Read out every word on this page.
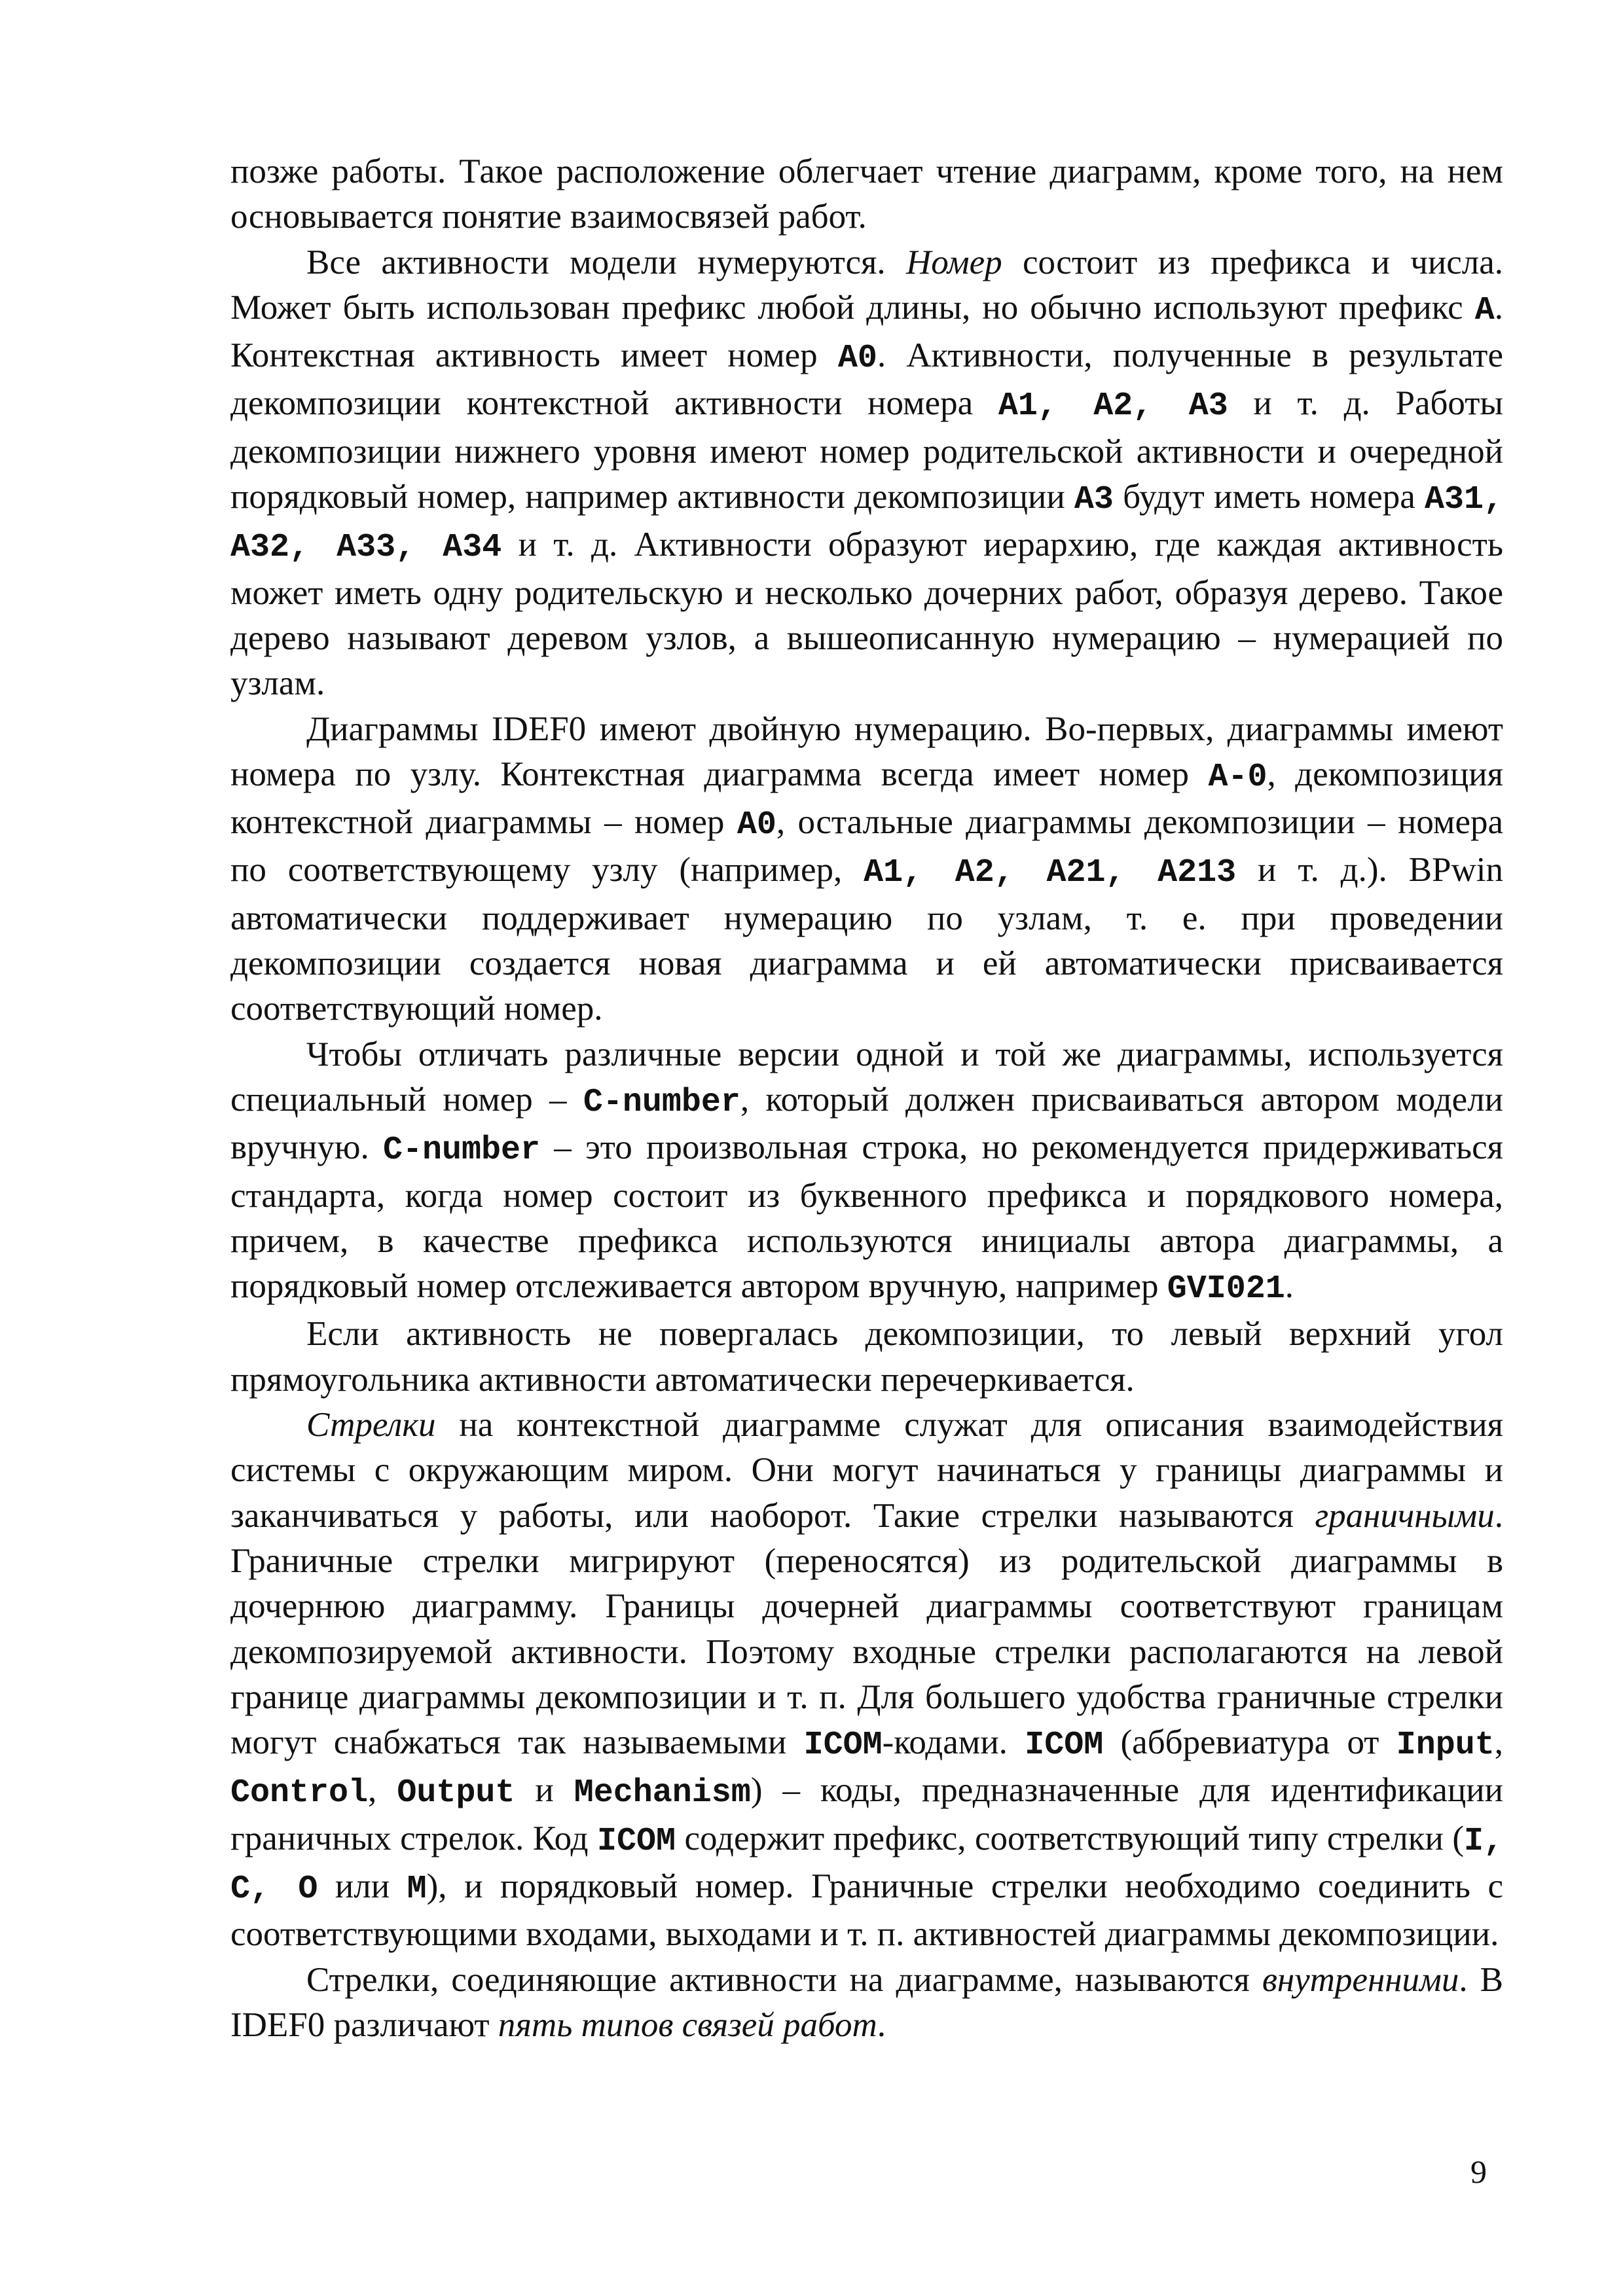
позже работы. Такое расположение облегчает чтение диаграмм, кроме того, на нем основывается понятие взаимосвязей работ.

Все активности модели нумеруются. Номер состоит из префикса и числа. Может быть использован префикс любой длины, но обычно используют префикс A. Контекстная активность имеет номер A0. Активности, полученные в результате декомпозиции контекстной активности номера A1, A2, A3 и т. д. Работы декомпозиции нижнего уровня имеют номер родительской активности и очередной порядковый номер, например активности декомпозиции A3 будут иметь номера A31, A32, A33, A34 и т. д. Активности образуют иерархию, где каждая активность может иметь одну родительскую и несколько дочерних работ, образуя дерево. Такое дерево называют деревом узлов, а вышеописанную нумерацию – нумерацией по узлам.

Диаграммы IDEF0 имеют двойную нумерацию. Во-первых, диаграммы имеют номера по узлу. Контекстная диаграмма всегда имеет номер A-0, декомпозиция контекстной диаграммы – номер A0, остальные диаграммы декомпозиции – номера по соответствующему узлу (например, A1, A2, A21, A213 и т. д.). BPwin автоматически поддерживает нумерацию по узлам, т. е. при проведении декомпозиции создается новая диаграмма и ей автоматически присваивается соответствующий номер.

Чтобы отличать различные версии одной и той же диаграммы, используется специальный номер – C-number, который должен присваиваться автором модели вручную. C-number – это произвольная строка, но рекомендуется придерживаться стандарта, когда номер состоит из буквенного префикса и порядкового номера, причем, в качестве префикса используются инициалы автора диаграммы, а порядковый номер отслеживается автором вручную, например GVI021.

Если активность не повергалась декомпозиции, то левый верхний угол прямоугольника активности автоматически перечеркивается.

Стрелки на контекстной диаграмме служат для описания взаимодействия системы с окружающим миром. Они могут начинаться у границы диаграммы и заканчиваться у работы, или наоборот. Такие стрелки называются граничными. Граничные стрелки мигрируют (переносятся) из родительской диаграммы в дочернюю диаграмму. Границы дочерней диаграммы соответствуют границам декомпозируемой активности. Поэтому входные стрелки располагаются на левой границе диаграммы декомпозиции и т. п. Для большего удобства граничные стрелки могут снабжаться так называемыми ICOM-кодами. ICOM (аббревиатура от Input, Control, Output и Mechanism) – коды, предназначенные для идентификации граничных стрелок. Код ICOM содержит префикс, соответствующий типу стрелки (I, C, O или M), и порядковый номер. Граничные стрелки необходимо соединить с соответствующими входами, выходами и т. п. активностей диаграммы декомпозиции.

Стрелки, соединяющие активности на диаграмме, называются внутренними. В IDEF0 различают пять типов связей работ.

9
